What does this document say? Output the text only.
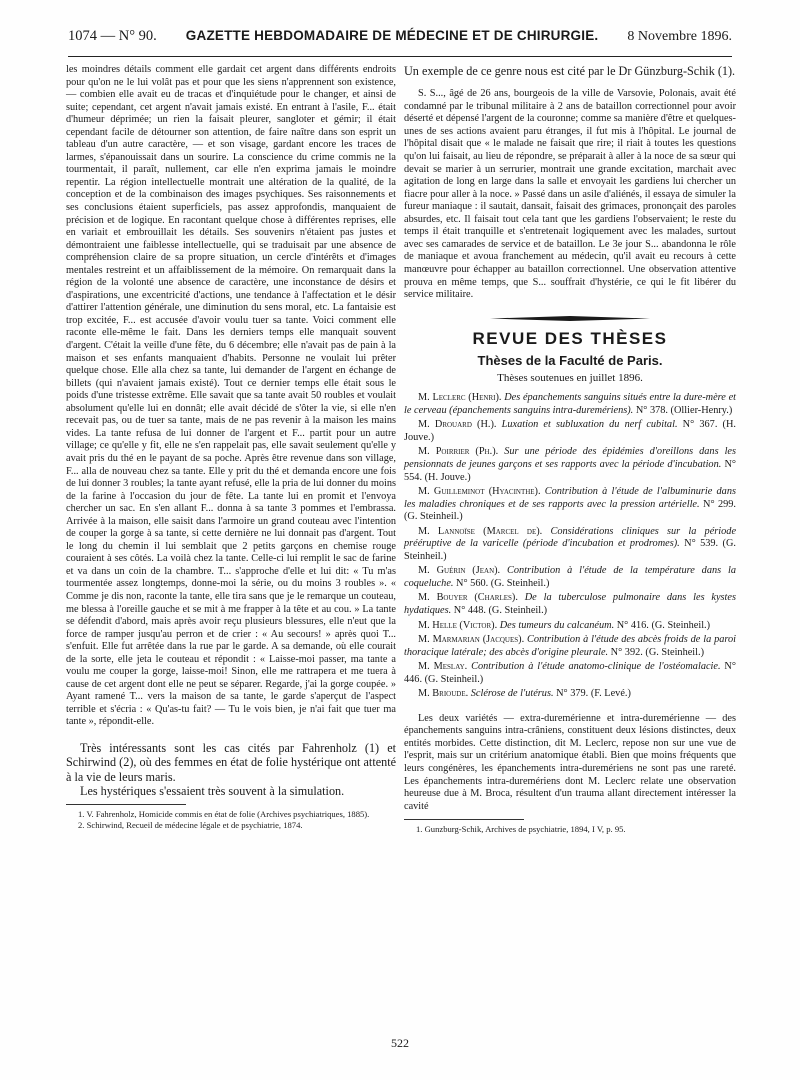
1074 — N° 90. GAZETTE HEBDOMADAIRE DE MÉDECINE ET DE CHIRURGIE. 8 Novembre 1896.

les moindres détails comment elle gardait cet argent dans différents endroits pour qu'on ne le lui volât pas et pour que les siens n'apprennent son existence, — combien elle avait eu de tracas et d'inquiétude pour le changer, et ainsi de suite; cependant, cet argent n'avait jamais existé. En entrant à l'asile, F... était d'humeur déprimée; un rien la faisait pleurer, sangloter et gémir; il était cependant facile de détourner son attention, de faire naître dans son esprit un tableau d'un autre caractère, — et son visage, gardant encore les traces de larmes, s'épanouissait dans un sourire. La conscience du crime commis ne la tourmentait, il paraît, nullement, car elle n'en exprima jamais le moindre repentir. La région intellectuelle montrait une altération de la qualité, de la conception et de la combinaison des images psychiques. Ses raisonnements et ses conclusions étaient superficiels, pas assez approfondis, manquaient de précision et de logique. En racontant quelque chose à différentes reprises, elle en variait et embrouillait les détails. Ses souvenirs n'étaient pas justes et démontraient une faiblesse intellectuelle, qui se traduisait par une absence de compréhension claire de sa propre situation, un cercle d'intérêts et d'images mentales restreint et un affaiblissement de la mémoire. On remarquait dans la région de la volonté une absence de caractère, une inconstance de désirs et d'aspirations, une excentricité d'actions, une tendance à l'affectation et le désir d'attirer l'attention générale, une diminution du sens moral, etc. La fantaisie est trop excitée, F... est accusée d'avoir voulu tuer sa tante. Voici comment elle raconte elle-même le fait. Dans les derniers temps elle manquait souvent d'argent. C'était la veille d'une fête, du 6 décembre; elle n'avait pas de pain à la maison et ses enfants manquaient d'habits. Personne ne voulait lui prêter quelque chose. Elle alla chez sa tante, lui demander de l'argent en échange de billets (qui n'avaient jamais existé). Tout ce dernier temps elle était sous le poids d'une tristesse extrême. Elle savait que sa tante avait 50 roubles et voulait absolument qu'elle lui en donnât; elle avait décidé de s'ôter la vie, si elle n'en recevait pas, ou de tuer sa tante, mais de ne pas revenir à la maison les mains vides. La tante refusa de lui donner de l'argent et F... partit pour un autre village; ce qu'elle y fit, elle ne s'en rappelait pas, elle savait seulement qu'elle y avait pris du thé en le payant de sa poche. Après être revenue dans son village, F... alla de nouveau chez sa tante. Elle y prit du thé et demanda encore une fois de lui donner 3 roubles; la tante ayant refusé, elle la pria de lui donner du moins de la farine à l'occasion du jour de fête. La tante lui en promit et l'envoya chercher un sac. En s'en allant F... donna à sa tante 3 pommes et l'embrassa. Arrivée à la maison, elle saisit dans l'armoire un grand couteau avec l'intention de couper la gorge à sa tante, si cette dernière ne lui donnait pas d'argent. Tout le long du chemin il lui semblait que 2 petits garçons en chemise rouge couraient à ses côtés. La voilà chez la tante. Celle-ci lui remplit le sac de farine et va dans un coin de la chambre. T... s'approche d'elle et lui dit: « Tu m'as tourmentée assez longtemps, donne-moi la série, ou du moins 3 roubles ». « Comme je dis non, raconte la tante, elle tira sans que je le remarque un couteau, me blessa à l'oreille gauche et se mit à me frapper à la tête et au cou. » La tante se défendit d'abord, mais après avoir reçu plusieurs blessures, elle n'eut que la force de ramper jusqu'au perron et de crier : « Au secours! » après quoi T... s'enfuit. Elle fut arrêtée dans la rue par le garde. A sa demande, où elle courait de la sorte, elle jeta le couteau et répondit : « Laisse-moi passer, ma tante a voulu me couper la gorge, laisse-moi! Sinon, elle me rattrapera et me tuera à cause de cet argent dont elle ne peut se séparer. Regarde, j'ai la gorge coupée. » Ayant ramené T... vers la maison de sa tante, le garde s'aperçut de l'aspect terrible et s'écria : « Qu'as-tu fait? — Tu le vois bien, je n'ai fait que tuer ma tante », répondit-elle.

Très intéressants sont les cas cités par Fahrenholz (1) et Schirwind (2), où des femmes en état de folie hystérique ont attenté à la vie de leurs maris.

Les hystériques s'essaient très souvent à la simulation.

1. V. Fahrenholz, Homicide commis en état de folie (Archives psychiatriques, 1885).

2. Schirwind, Recueil de médecine légale et de psychiatrie, 1874.

Un exemple de ce genre nous est cité par le Dr Günzburg-Schik (1).

S. S..., âgé de 26 ans, bourgeois de la ville de Varsovie, Polonais, avait été condamné par le tribunal militaire à 2 ans de bataillon correctionnel pour avoir déserté et dépensé l'argent de la couronne; comme sa manière d'être et quelques-unes de ses actions avaient paru étranges, il fut mis à l'hôpital. Le journal de l'hôpital disait que « le malade ne faisait que rire; il riait à toutes les questions qu'on lui faisait, au lieu de répondre, se préparait à aller à la noce de sa sœur qui devait se marier à un serrurier, montrait une grande excitation, marchait avec agitation de long en large dans la salle et envoyait les gardiens lui chercher un fiacre pour aller à la noce. » Passé dans un asile d'aliénés, il essaya de simuler la fureur maniaque : il sautait, dansait, faisait des grimaces, prononçait des paroles absurdes, etc. Il faisait tout cela tant que les gardiens l'observaient; le reste du temps il était tranquille et s'entretenait logiquement avec les malades, surtout avec ses camarades de service et de bataillon. Le 3e jour S... abandonna le rôle de maniaque et avoua franchement au médecin, qu'il avait eu recours à cette manœuvre pour échapper au bataillon correctionnel. Une observation attentive prouva en même temps, que S... souffrait d'hystérie, ce qui le fit libérer du service militaire.

REVUE DES THÈSES
Thèses de la Faculté de Paris.
Thèses soutenues en juillet 1896.

M. Leclerc (Henri). Des épanchements sanguins situés entre la dure-mère et le cerveau (épanchements sanguins intra-duremériens). N° 378. (Ollier-Henry.)

M. Drouard (H.). Luxation et subluxation du nerf cubital. N° 367. (H. Jouve.)

M. Poirrier (Ph.). Sur une période des épidémies d'oreillons dans les pensionnats de jeunes garçons et ses rapports avec la période d'incubation. N° 554. (H. Jouve.)

M. Guilleminot (Hyacinthe). Contribution à l'étude de l'albuminurie dans les maladies chroniques et de ses rapports avec la pression artérielle. N° 299. (G. Steinheil.)

M. Lannoïse (Marcel de). Considérations cliniques sur la période prééruptive de la varicelle (période d'incubation et prodromes). N° 539. (G. Steinheil.)

M. Guérin (Jean). Contribution à l'étude de la température dans la coqueluche. N° 560. (G. Steinheil.)

M. Bouyer (Charles). De la tuberculose pulmonaire dans les kystes hydatiques. N° 448. (G. Steinheil.)

M. Helle (Victor). Des tumeurs du calcanéum. N° 416. (G. Steinheil.)

M. Marmarian (Jacques). Contribution à l'étude des abcès froids de la paroi thoracique latérale; des abcès d'origine pleurale. N° 392. (G. Steinheil.)

M. Meslay. Contribution à l'étude anatomo-clinique de l'ostéomalacie. N° 446. (G. Steinheil.)

M. Brioude. Sclérose de l'utérus. N° 379. (F. Levé.)

Les deux variétés — extra-duremérienne et intra-duremérienne — des épanchements sanguins intra-crâniens, constituent deux lésions distinctes, deux entités morbides. Cette distinction, dit M. Leclerc, repose non sur une vue de l'esprit, mais sur un critérium anatomique établi. Bien que moins fréquents que leurs congénères, les épanchements intra-duremériens ne sont pas une rareté. Les épanchements intra-duremériens dont M. Leclerc relate une observation heureuse due à M. Broca, résultent d'un trauma allant directement intéresser la cavité

1. Gunzburg-Schik, Archives de psychiatrie, 1894, I V, p. 95.

522
